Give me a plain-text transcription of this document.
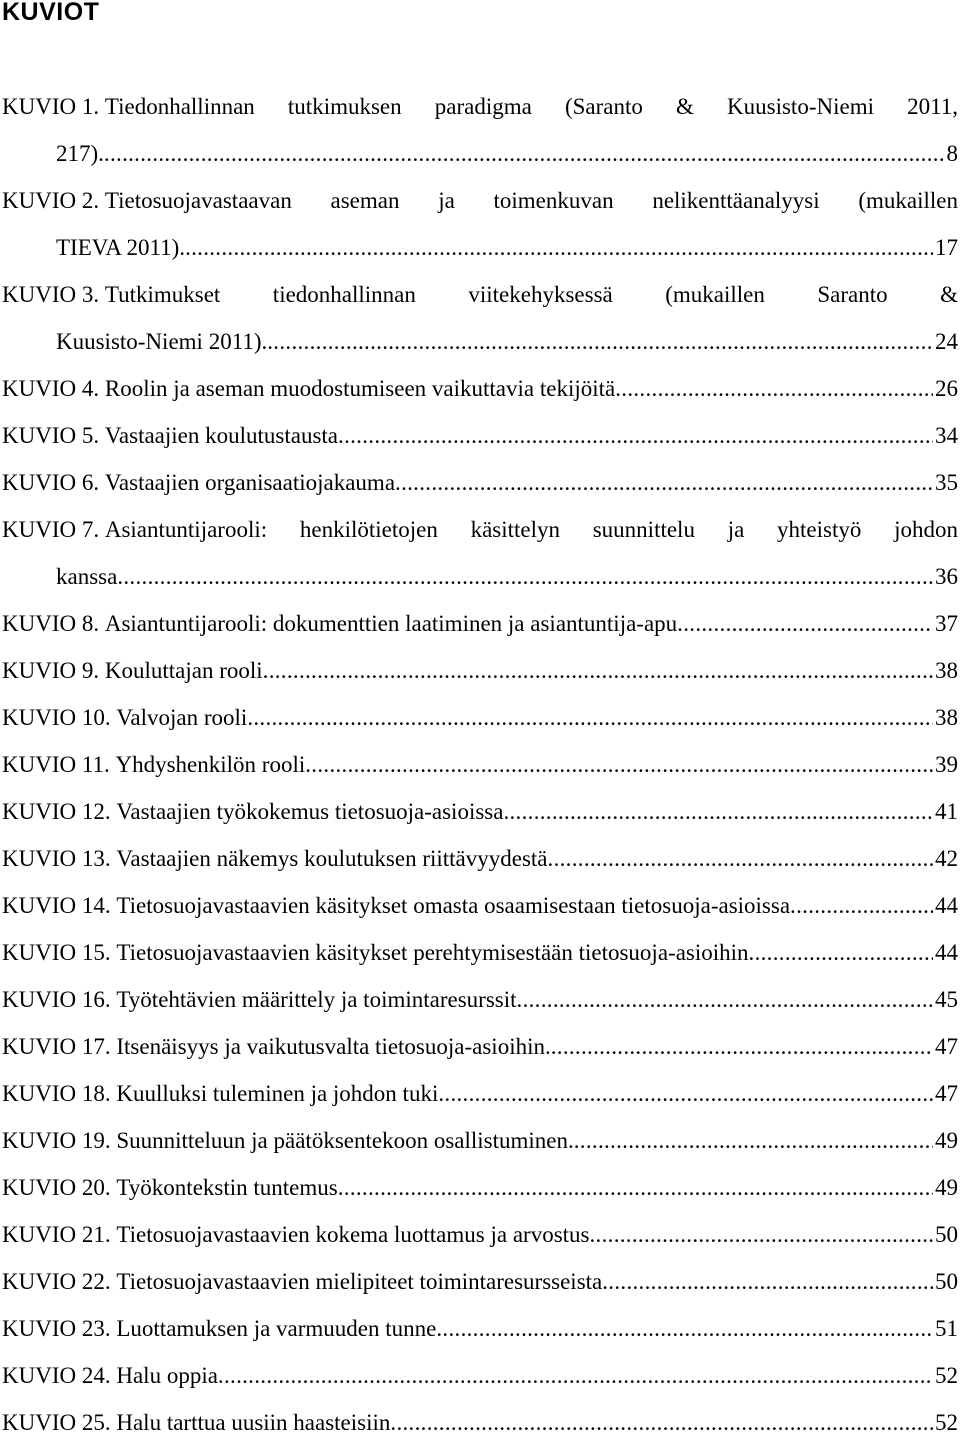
KUVIOT
KUVIO 1.
Tiedonhallinnan tutkimuksen paradigma (Saranto & Kuusisto-Niemi 2011,
217). .....	8
KUVIO 2.
Tietosuojavastaavan aseman ja toimenkuvan nelikenttäanalyysi (mukaillen
TIEVA 2011). .....	17
KUVIO 3.
Tutkimukset tiedonhallinnan viitekehyksessä (mukaillen Saranto &
Kuusisto-Niemi 2011). .....	24
KUVIO 4.
Roolin ja aseman muodostumiseen vaikuttavia tekijöitä .....	26
KUVIO 5.
Vastaajien koulutustausta .....	34
KUVIO 6.
Vastaajien organisaatiojakauma .....	35
KUVIO 7.
Asiantuntijarooli: henkilötietojen käsittelyn suunnittelu ja yhteistyö johdon
kanssa .....	36
KUVIO 8.
Asiantuntijarooli: dokumenttien laatiminen ja asiantuntija-apu .....	37
KUVIO 9.
Kouluttajan rooli .....	38
KUVIO 10.
Valvojan rooli .....	38
KUVIO 11.
Yhdyshenkilön rooli .....	39
KUVIO 12.
Vastaajien työkokemus tietosuoja-asioissa .....	41
KUVIO 13.
Vastaajien näkemys koulutuksen riittävyydestä .....	42
KUVIO 14.
Tietosuojavastaavien käsitykset omasta osaamisestaan tietosuoja-asioissa .....	44
KUVIO 15.
Tietosuojavastaavien käsitykset perehtymisestään tietosuoja-asioihin .....	44
KUVIO 16.
Työtehtävien määrittely ja toimintaresurssit .....	45
KUVIO 17.
Itsenäisyys ja vaikutusvalta tietosuoja-asioihin. .....	47
KUVIO 18.
Kuulluksi tuleminen ja johdon tuki .....	47
KUVIO 19.
Suunnitteluun ja päätöksentekoon osallistuminen. .....	49
KUVIO 20.
Työkontekstin tuntemus .....	49
KUVIO 21.
Tietosuojavastaavien kokema luottamus ja arvostus .....	50
KUVIO 22.
Tietosuojavastaavien mielipiteet toimintaresursseista .....	50
KUVIO 23.
Luottamuksen ja varmuuden tunne .....	51
KUVIO 24.
Halu oppia .....	52
KUVIO 25.
Halu tarttua uusiin haasteisiin .....	52
